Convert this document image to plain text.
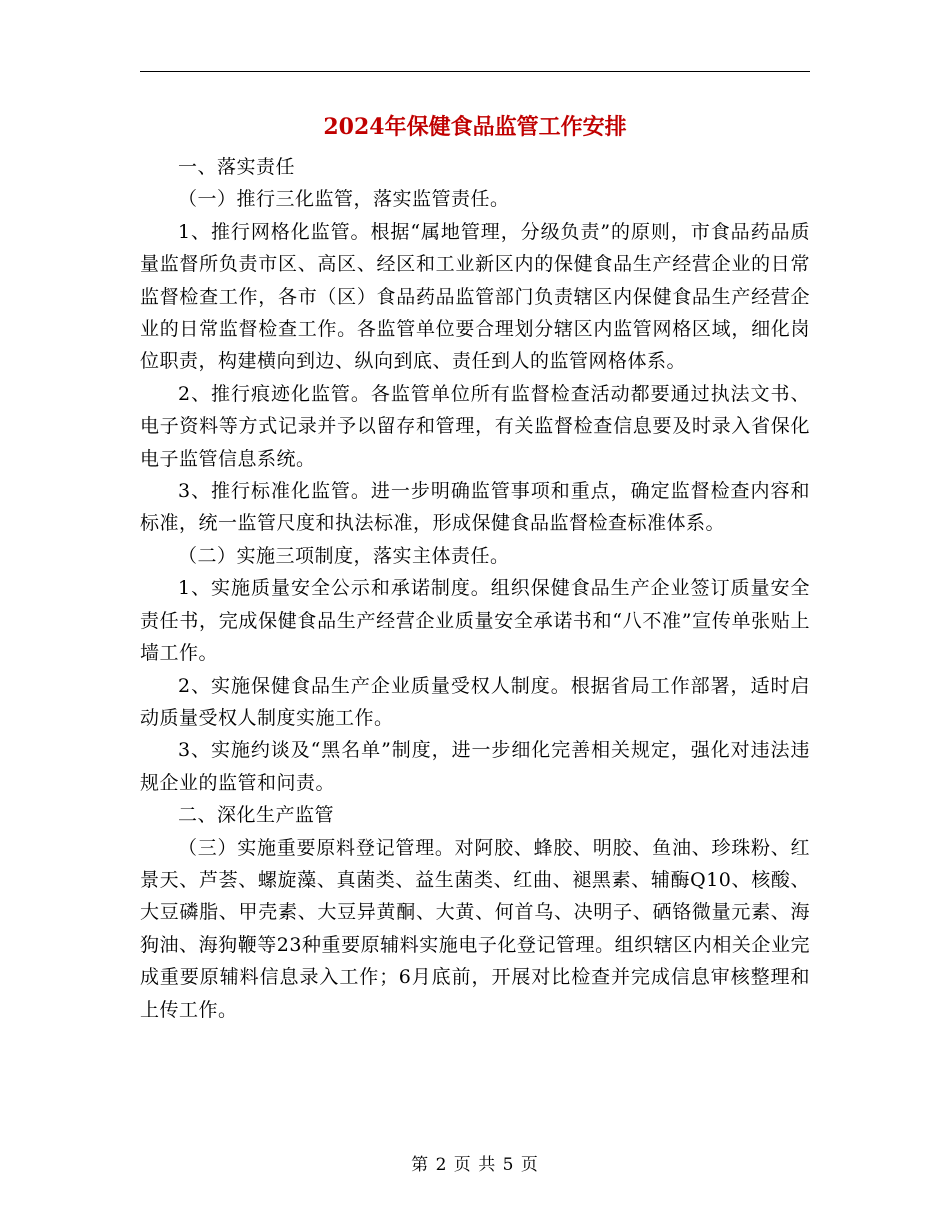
2024年保健食品监管工作安排

一、落实责任

（一）推行三化监管，落实监管责任。

1、推行网格化监管。根据“属地管理，分级负责”的原则，市食品药品质量监督所负责市区、高区、经区和工业新区内的保健食品生产经营企业的日常监督检查工作，各市（区）食品药品监管部门负责辖区内保健食品生产经营企业的日常监督检查工作。各监管单位要合理划分辖区内监管网格区域，细化岗位职责，构建横向到边、纵向到底、责任到人的监管网格体系。

2、推行痕迹化监管。各监管单位所有监督检查活动都要通过执法文书、电子资料等方式记录并予以留存和管理，有关监督检查信息要及时录入省保化电子监管信息系统。

3、推行标准化监管。进一步明确监管事项和重点，确定监督检查内容和标准，统一监管尺度和执法标准，形成保健食品监督检查标准体系。

（二）实施三项制度，落实主体责任。

1、实施质量安全公示和承诺制度。组织保健食品生产企业签订质量安全责任书，完成保健食品生产经营企业质量安全承诺书和“八不准”宣传单张贴上墙工作。

2、实施保健食品生产企业质量受权人制度。根据省局工作部署，适时启动质量受权人制度实施工作。

3、实施约谈及“黑名单”制度，进一步细化完善相关规定，强化对违法违规企业的监管和问责。

二、深化生产监管

（三）实施重要原料登记管理。对阿胶、蜂胶、明胶、鱼油、珍珠粉、红景天、芦荟、螺旋藻、真菌类、益生菌类、红曲、褪黑素、辅酶Q10、核酸、大豆磷脂、甲壳素、大豆异黄酮、大黄、何首乌、决明子、硒铬微量元素、海狗油、海狗鞭等23种重要原辅料实施电子化登记管理。组织辖区内相关企业完成重要原辅料信息录入工作；6月底前，开展对比检查并完成信息审核整理和上传工作。

第 2 页 共 5 页
